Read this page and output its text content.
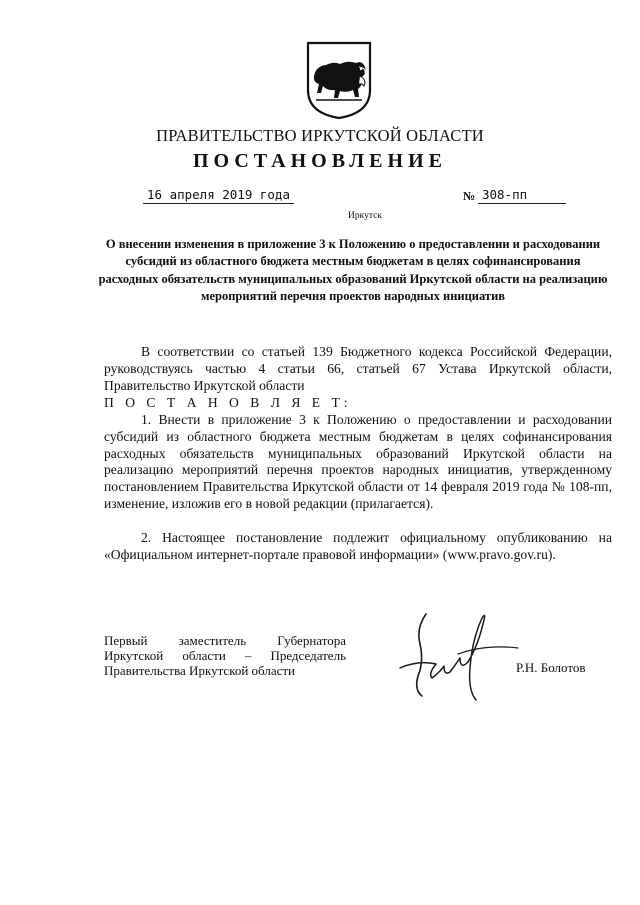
ПРАВИТЕЛЬСТВО ИРКУТСКОЙ ОБЛАСТИ
ПОСТАНОВЛЕНИЕ
16 апреля 2019 года	№ 308-пп
Иркутск
О внесении изменения в приложение 3 к Положению о предоставлении и расходовании субсидий из областного бюджета местным бюджетам в целях софинансирования расходных обязательств муниципальных образований Иркутской области на реализацию мероприятий перечня проектов народных инициатив

В соответствии со статьей 139 Бюджетного кодекса Российской Федерации, руководствуясь частью 4 статьи 66, статьей 67 Устава Иркутской области, Правительство Иркутской области

П О С Т А Н О В Л Я Е Т:

1. Внести в приложение 3 к Положению о предоставлении и расходовании субсидий из областного бюджета местным бюджетам в целях софинансирования расходных обязательств муниципальных образований Иркутской области на реализацию мероприятий перечня проектов народных инициатив, утвержденному постановлением Правительства Иркутской области от 14 февраля 2019 года № 108-пп, изменение, изложив его в новой редакции (прилагается).

2. Настоящее постановление подлежит официальному опубликованию на «Официальном интернет-портале правовой информации» (www.pravo.gov.ru).

Первый заместитель Губернатора
Иркутской области – Председатель
Правительства Иркутской области	Р.Н. Болотов
